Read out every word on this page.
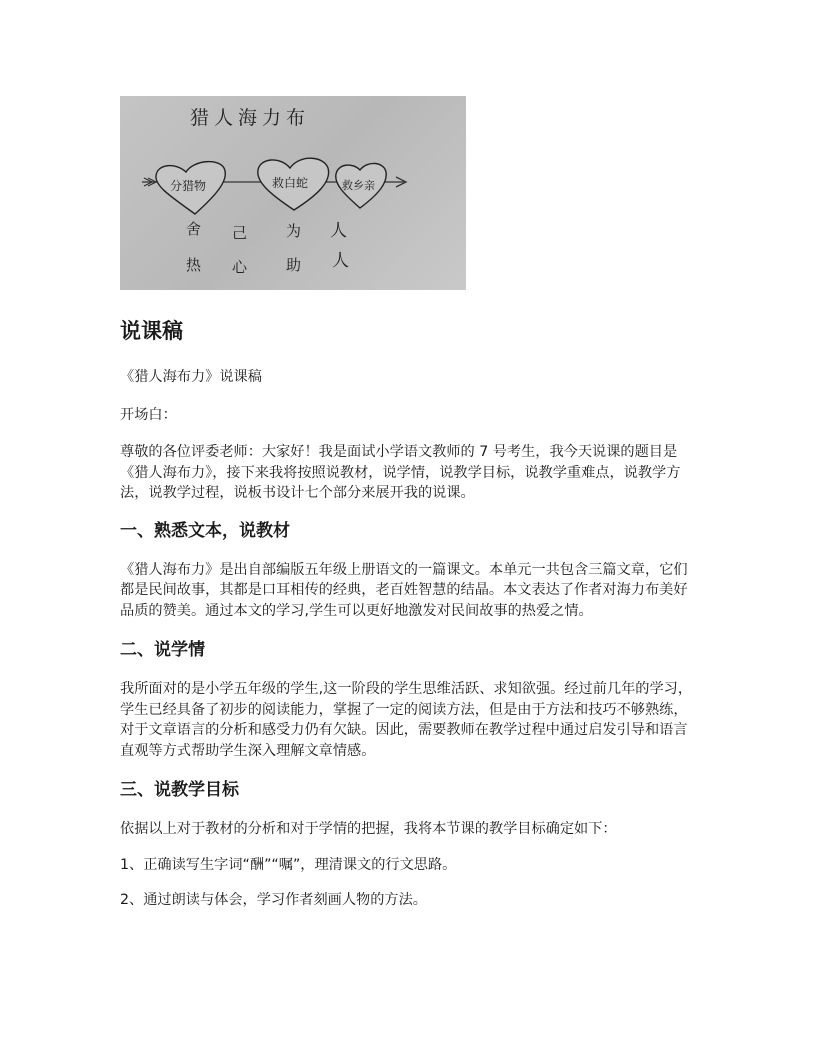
猎人海力布
分猎物	救白蛇	救乡亲
舍 己	为 人
热 心	助 人
说课稿

《猎人海布力》说课稿

开场白：

尊敬的各位评委老师：大家好！我是面试小学语文教师的 7 号考生，我今天说课的题目是《猎人海布力》，接下来我将按照说教材，说学情，说教学目标，说教学重难点，说教学方法，说教学过程，说板书设计七个部分来展开我的说课。

一、熟悉文本，说教材

《猎人海布力》是出自部编版五年级上册语文的一篇课文。本单元一共包含三篇文章，它们都是民间故事，其都是口耳相传的经典，老百姓智慧的结晶。本文表达了作者对海力布美好品质的赞美。通过本文的学习,学生可以更好地激发对民间故事的热爱之情。

二、说学情

我所面对的是小学五年级的学生,这一阶段的学生思维活跃、求知欲强。经过前几年的学习，学生已经具备了初步的阅读能力，掌握了一定的阅读方法，但是由于方法和技巧不够熟练，对于文章语言的分析和感受力仍有欠缺。因此，需要教师在教学过程中通过启发引导和语言直观等方式帮助学生深入理解文章情感。

三、说教学目标

依据以上对于教材的分析和对于学情的把握，我将本节课的教学目标确定如下：

1、正确读写生字词“酬”“嘱”，理清课文的行文思路。

2、通过朗读与体会，学习作者刻画人物的方法。
